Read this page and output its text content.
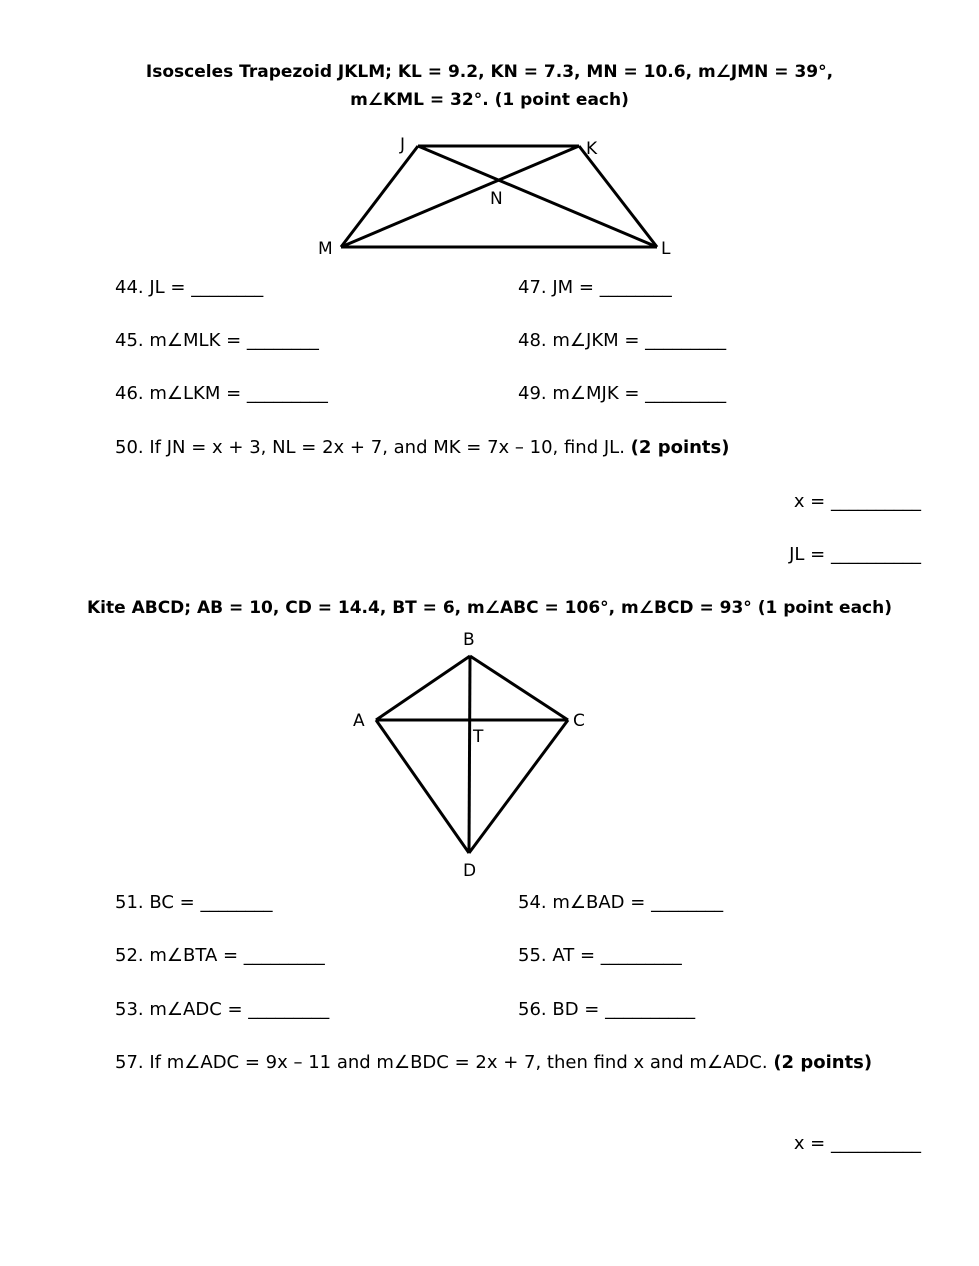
Isosceles Trapezoid JKLM; KL = 9.2, KN = 7.3, MN = 10.6, m∠JMN = 39°,
m∠KML = 32°. (1 point each)
J	K
L
M
N
44. JL = ________	47. JM = ________
45. m∠MLK = ________	48. m∠JKM = _________
46. m∠LKM = _________	49. m∠MJK = _________
50. If JN = x + 3, NL = 2x + 7, and MK = 7x – 10, find JL. (2 points)
x = __________
JL = __________
Kite ABCD; AB = 10, CD = 14.4, BT = 6, m∠ABC = 106°, m∠BCD = 93° (1 point each)
B
A	C
T
D
51. BC = ________	54. m∠BAD = ________
52. m∠BTA = _________	55. AT = _________
53. m∠ADC = _________	56. BD = __________
57. If m∠ADC = 9x – 11 and m∠BDC = 2x + 7, then find x and m∠ADC. (2 points)
x = __________
